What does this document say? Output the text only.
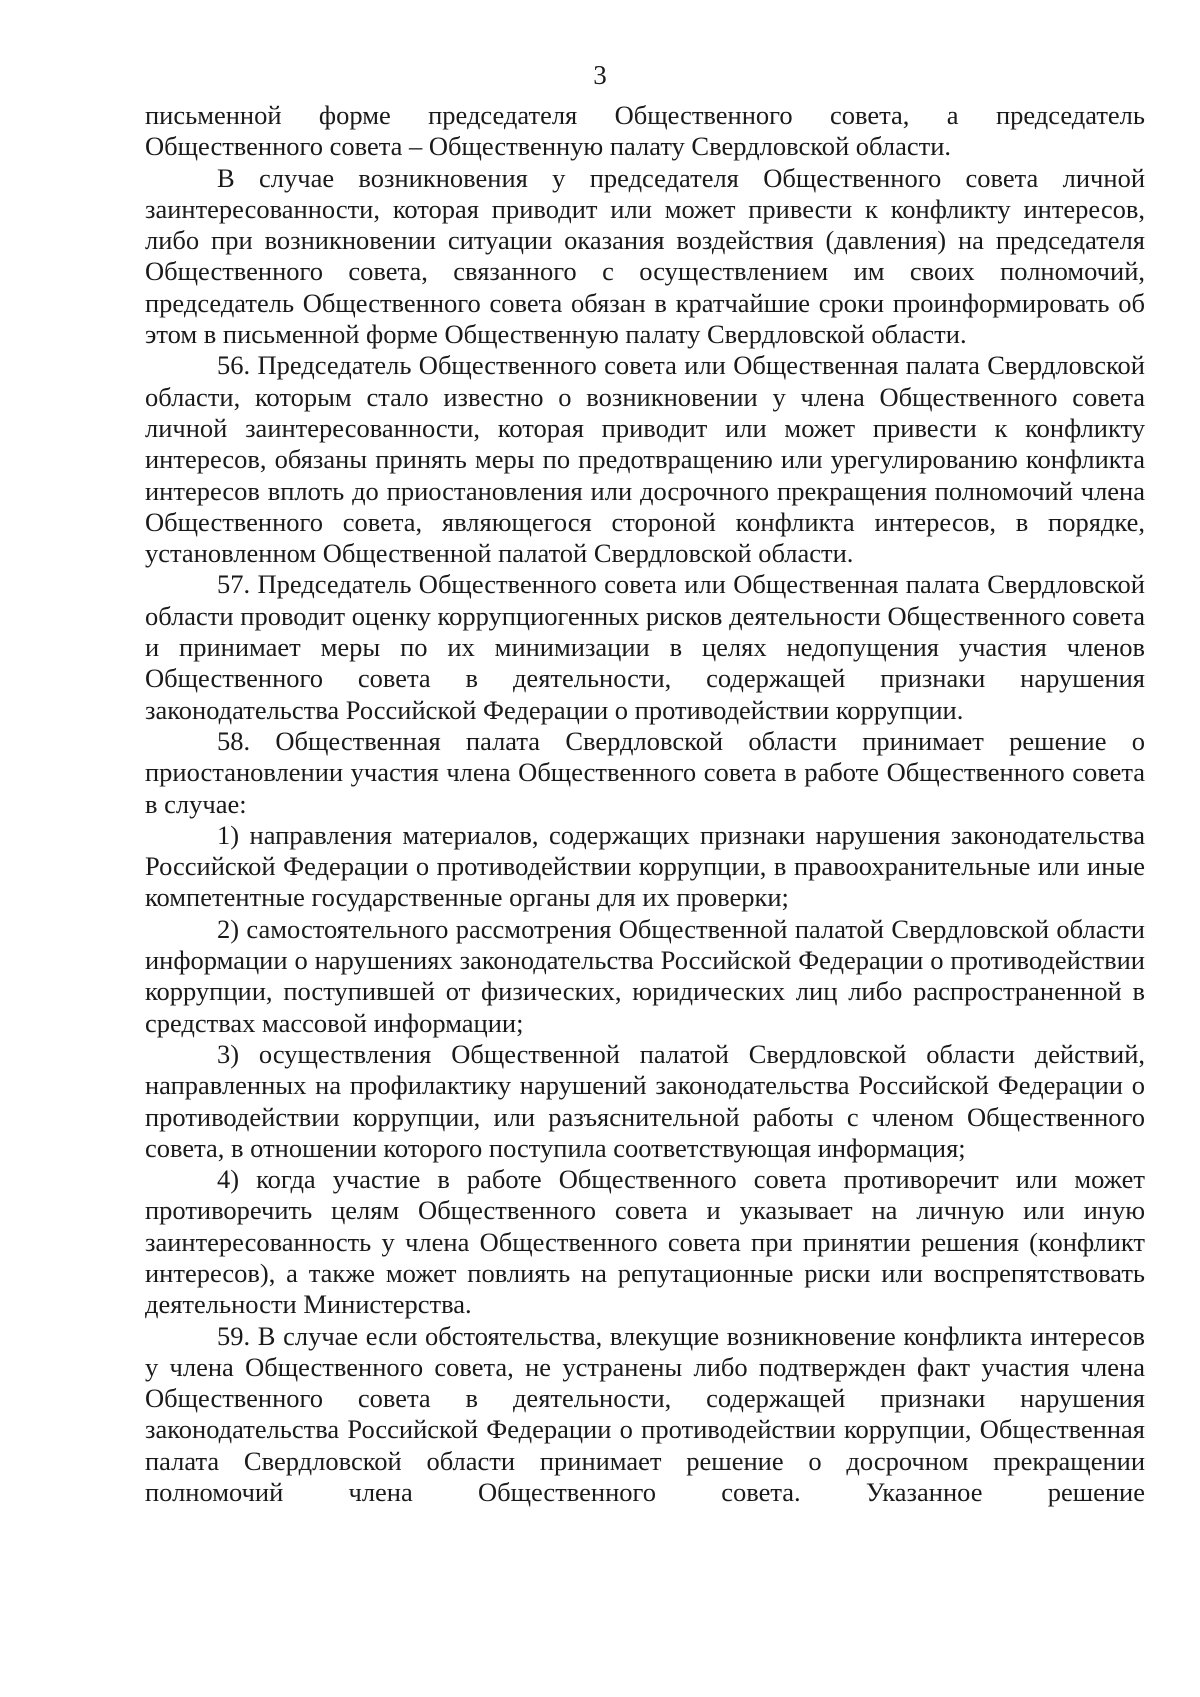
3

письменной форме председателя Общественного совета, а председатель Общественного совета – Общественную палату Свердловской области.

В случае возникновения у председателя Общественного совета личной заинтересованности, которая приводит или может привести к конфликту интересов, либо при возникновении ситуации оказания воздействия (давления) на председателя Общественного совета, связанного с осуществлением им своих полномочий, председатель Общественного совета обязан в кратчайшие сроки проинформировать об этом в письменной форме Общественную палату Свердловской области.

56. Председатель Общественного совета или Общественная палата Свердловской области, которым стало известно о возникновении у члена Общественного совета личной заинтересованности, которая приводит или может привести к конфликту интересов, обязаны принять меры по предотвращению или урегулированию конфликта интересов вплоть до приостановления или досрочного прекращения полномочий члена Общественного совета, являющегося стороной конфликта интересов, в порядке, установленном Общественной палатой Свердловской области.

57. Председатель Общественного совета или Общественная палата Свердловской области проводит оценку коррупциогенных рисков деятельности Общественного совета и принимает меры по их минимизации в целях недопущения участия членов Общественного совета в деятельности, содержащей признаки нарушения законодательства Российской Федерации о противодействии коррупции.

58. Общественная палата Свердловской области принимает решение о приостановлении участия члена Общественного совета в работе Общественного совета в случае:

1) направления материалов, содержащих признаки нарушения законодательства Российской Федерации о противодействии коррупции, в правоохранительные или иные компетентные государственные органы для их проверки;

2) самостоятельного рассмотрения Общественной палатой Свердловской области информации о нарушениях законодательства Российской Федерации о противодействии коррупции, поступившей от физических, юридических лиц либо распространенной в средствах массовой информации;

3) осуществления Общественной палатой Свердловской области действий, направленных на профилактику нарушений законодательства Российской Федерации о противодействии коррупции, или разъяснительной работы с членом Общественного совета, в отношении которого поступила соответствующая информация;

4) когда участие в работе Общественного совета противоречит или может противоречить целям Общественного совета и указывает на личную или иную заинтересованность у члена Общественного совета при принятии решения (конфликт интересов), а также может повлиять на репутационные риски или воспрепятствовать деятельности Министерства.

59. В случае если обстоятельства, влекущие возникновение конфликта интересов у члена Общественного совета, не устранены либо подтвержден факт участия члена Общественного совета в деятельности, содержащей признаки нарушения законодательства Российской Федерации о противодействии коррупции, Общественная палата Свердловской области принимает решение о досрочном прекращении полномочий члена Общественного совета. Указанное решение
